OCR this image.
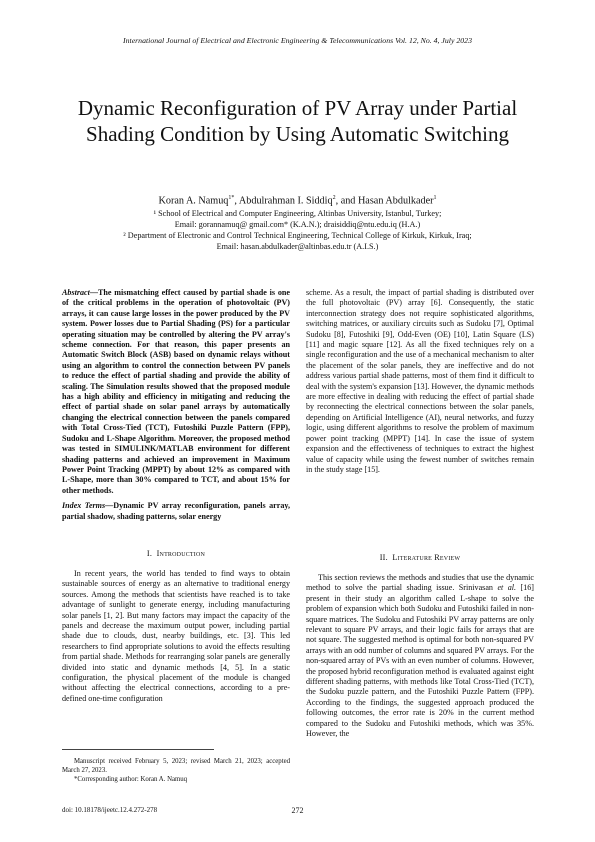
International Journal of Electrical and Electronic Engineering & Telecommunications Vol. 12, No. 4, July 2023
Dynamic Reconfiguration of PV Array under Partial Shading Condition by Using Automatic Switching
Koran A. Namuq$^{1*}$, Abdulrahman I. Siddiq$^2$, and Hasan Abdulkader$^1$
¹ School of Electrical and Computer Engineering, Altinbas University, Istanbul, Turkey;
Email: gorannamuq@ gmail.com* (K.A.N.); draisiddiq@ntu.edu.iq (H.A.)
² Department of Electronic and Control Technical Engineering, Technical College of Kirkuk, Kirkuk, Iraq;
Email: hasan.abdulkader@altinbas.edu.tr (A.I.S.)

Abstract—The mismatching effect caused by partial shade is one of the critical problems in the operation of photovoltaic (PV) arrays, it can cause large losses in the power produced by the PV system. Power losses due to Partial Shading (PS) for a particular operating situation may be controlled by altering the PV array's scheme connection. For that reason, this paper presents an Automatic Switch Block (ASB) based on dynamic relays without using an algorithm to control the connection between PV panels to reduce the effect of partial shading and provide the ability of scaling. The Simulation results showed that the proposed module has a high ability and efficiency in mitigating and reducing the effect of partial shade on solar panel arrays by automatically changing the electrical connection between the panels compared with Total Cross-Tied (TCT), Futoshiki Puzzle Pattern (FPP), Sudoku and L-Shape Algorithm. Moreover, the proposed method was tested in SIMULINK/MATLAB environment for different shading patterns and achieved an improvement in Maximum Power Point Tracking (MPPT) by about 12% as compared with L-Shape, more than 30% compared to TCT, and about 15% for other methods.

Index Terms—Dynamic PV array reconfiguration, panels array, partial shadow, shading patterns, solar energy

I. Introduction

In recent years, the world has tended to find ways to obtain sustainable sources of energy as an alternative to traditional energy sources. Among the methods that scientists have reached is to take advantage of sunlight to generate energy, including manufacturing solar panels [1, 2]. But many factors may impact the capacity of the panels and decrease the maximum output power, including partial shade due to clouds, dust, nearby buildings, etc. [3]. This led researchers to find appropriate solutions to avoid the effects resulting from partial shade. Methods for rearranging solar panels are generally divided into static and dynamic methods [4, 5]. In a static configuration, the physical placement of the module is changed without affecting the electrical connections, according to a pre-defined one-time configuration

Manuscript received February 5, 2023; revised March 21, 2023; accepted March 27, 2023.

*Corresponding author: Koran A. Namuq

scheme. As a result, the impact of partial shading is distributed over the full photovoltaic (PV) array [6]. Consequently, the static interconnection strategy does not require sophisticated algorithms, switching matrices, or auxiliary circuits such as Sudoku [7], Optimal Sudoku [8], Futoshiki [9], Odd-Even (OE) [10], Latin Square (LS) [11] and magic square [12]. As all the fixed techniques rely on a single reconfiguration and the use of a mechanical mechanism to alter the placement of the solar panels, they are ineffective and do not address various partial shade patterns, most of them find it difficult to deal with the system's expansion [13]. However, the dynamic methods are more effective in dealing with reducing the effect of partial shade by reconnecting the electrical connections between the solar panels, depending on Artificial Intelligence (AI), neural networks, and fuzzy logic, using different algorithms to resolve the problem of maximum power point tracking (MPPT) [14]. In case the issue of system expansion and the effectiveness of techniques to extract the highest value of capacity while using the fewest number of switches remain in the study stage [15].

II. Literature Review

This section reviews the methods and studies that use the dynamic method to solve the partial shading issue. Srinivasan et al. [16] present in their study an algorithm called L-shape to solve the problem of expansion which both Sudoku and Futoshiki failed in non-square matrices. The Sudoku and Futoshiki PV array patterns are only relevant to square PV arrays, and their logic fails for arrays that are not square. The suggested method is optimal for both non-squared PV arrays with an odd number of columns and squared PV arrays. For the non-squared array of PVs with an even number of columns. However, the proposed hybrid reconfiguration method is evaluated against eight different shading patterns, with methods like Total Cross-Tied (TCT), the Sudoku puzzle pattern, and the Futoshiki Puzzle Pattern (FPP). According to the findings, the suggested approach produced the following outcomes, the error rate is 20% in the current method compared to the Sudoku and Futoshiki methods, which was 35%. However, the

doi: 10.18178/ijeetc.12.4.272-278	272
